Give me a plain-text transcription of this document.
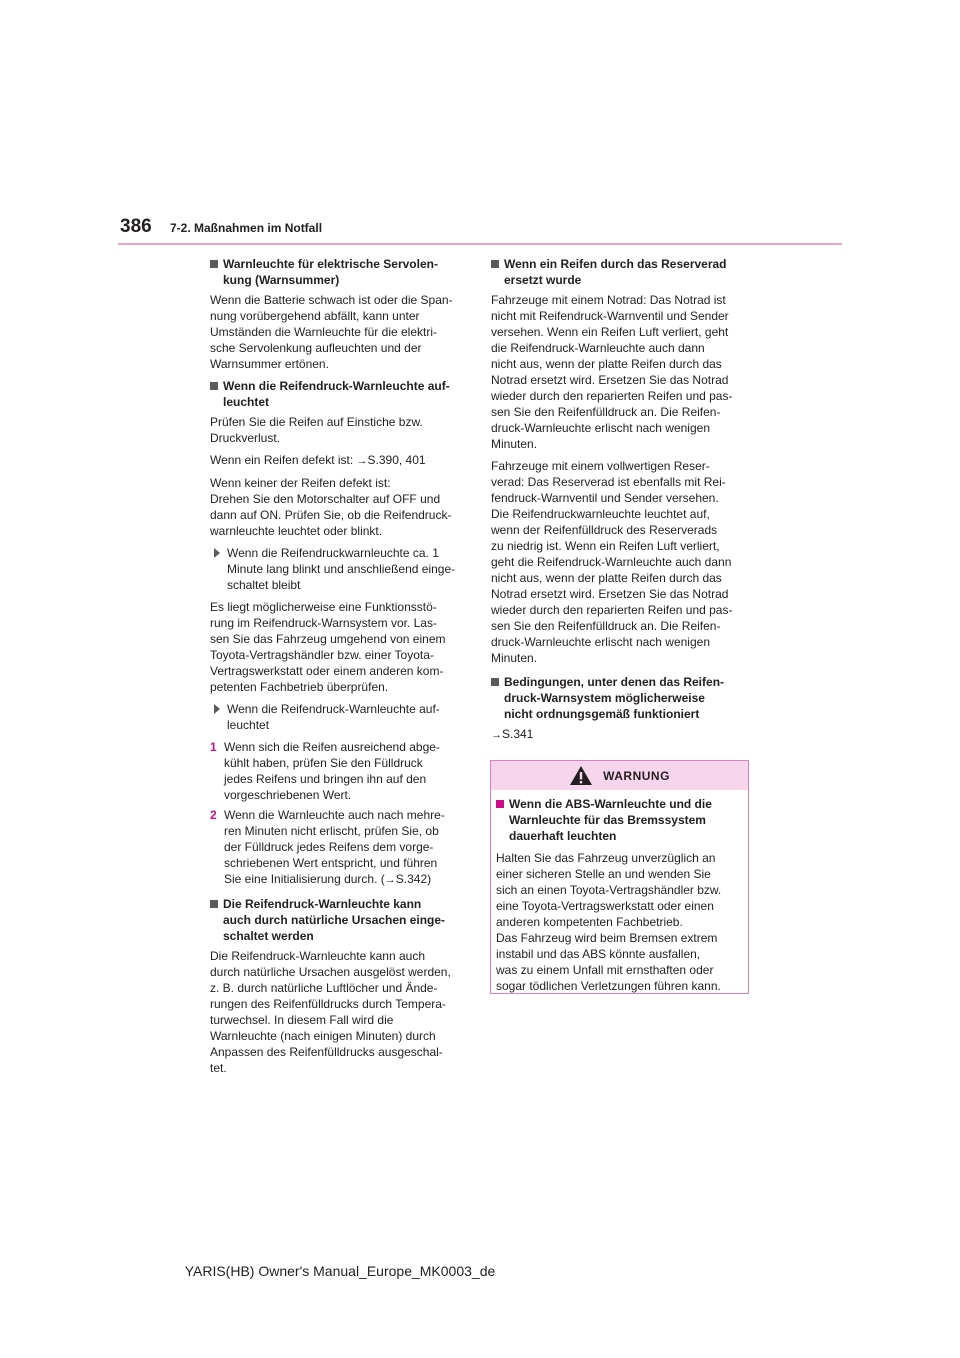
386 7-2. Maßnahmen im Notfall
Warnleuchte für elektrische Servolen-
kung (Warnsummer)

Wenn die Batterie schwach ist oder die Span-
nung vorübergehend abfällt, kann unter
Umständen die Warnleuchte für die elektri-
sche Servolenkung aufleuchten und der
Warnsummer ertönen.

Wenn die Reifendruck-Warnleuchte auf-
leuchtet

Prüfen Sie die Reifen auf Einstiche bzw.
Druckverlust.

Wenn ein Reifen defekt ist: →S.390, 401

Wenn keiner der Reifen defekt ist:
Drehen Sie den Motorschalter auf OFF und
dann auf ON. Prüfen Sie, ob die Reifendruck-
warnleuchte leuchtet oder blinkt.

Wenn die Reifendruckwarnleuchte ca. 1
Minute lang blinkt und anschließend einge-
schaltet bleibt

Es liegt möglicherweise eine Funktionsstö-
rung im Reifendruck-Warnsystem vor. Las-
sen Sie das Fahrzeug umgehend von einem
Toyota-Vertragshändler bzw. einer Toyota-
Vertragswerkstatt oder einem anderen kom-
petenten Fachbetrieb überprüfen.

Wenn die Reifendruck-Warnleuchte auf-
leuchtet
1 Wenn sich die Reifen ausreichend abge-
kühlt haben, prüfen Sie den Fülldruck
jedes Reifens und bringen ihn auf den
vorgeschriebenen Wert.
2 Wenn die Warnleuchte auch nach mehre-
ren Minuten nicht erlischt, prüfen Sie, ob
der Fülldruck jedes Reifens dem vorge-
schriebenen Wert entspricht, und führen
Sie eine Initialisierung durch. (→S.342)
Die Reifendruck-Warnleuchte kann
auch durch natürliche Ursachen einge-
schaltet werden

Die Reifendruck-Warnleuchte kann auch
durch natürliche Ursachen ausgelöst werden,
z. B. durch natürliche Luftlöcher und Ände-
rungen des Reifenfülldrucks durch Tempera-
turwechsel. In diesem Fall wird die
Warnleuchte (nach einigen Minuten) durch
Anpassen des Reifenfülldrucks ausgeschal-
tet.

Wenn ein Reifen durch das Reserverad
ersetzt wurde

Fahrzeuge mit einem Notrad: Das Notrad ist
nicht mit Reifendruck-Warnventil und Sender
versehen. Wenn ein Reifen Luft verliert, geht
die Reifendruck-Warnleuchte auch dann
nicht aus, wenn der platte Reifen durch das
Notrad ersetzt wird. Ersetzen Sie das Notrad
wieder durch den reparierten Reifen und pas-
sen Sie den Reifenfülldruck an. Die Reifen-
druck-Warnleuchte erlischt nach wenigen
Minuten.

Fahrzeuge mit einem vollwertigen Reser-
verad: Das Reserverad ist ebenfalls mit Rei-
fendruck-Warnventil und Sender versehen.
Die Reifendruckwarnleuchte leuchtet auf,
wenn der Reifenfülldruck des Reserverads
zu niedrig ist. Wenn ein Reifen Luft verliert,
geht die Reifendruck-Warnleuchte auch dann
nicht aus, wenn der platte Reifen durch das
Notrad ersetzt wird. Ersetzen Sie das Notrad
wieder durch den reparierten Reifen und pas-
sen Sie den Reifenfülldruck an. Die Reifen-
druck-Warnleuchte erlischt nach wenigen
Minuten.

Bedingungen, unter denen das Reifen-
druck-Warnsystem möglicherweise
nicht ordnungsgemäß funktioniert

→S.341

WARNUNG
Wenn die ABS-Warnleuchte und die
Warnleuchte für das Bremssystem
dauerhaft leuchten

Halten Sie das Fahrzeug unverzüglich an
einer sicheren Stelle an und wenden Sie
sich an einen Toyota-Vertragshändler bzw.
eine Toyota-Vertragswerkstatt oder einen
anderen kompetenten Fachbetrieb.
Das Fahrzeug wird beim Bremsen extrem
instabil und das ABS könnte ausfallen,
was zu einem Unfall mit ernsthaften oder
sogar tödlichen Verletzungen führen kann.

YARIS(HB) Owner's Manual_Europe_MK0003_de
